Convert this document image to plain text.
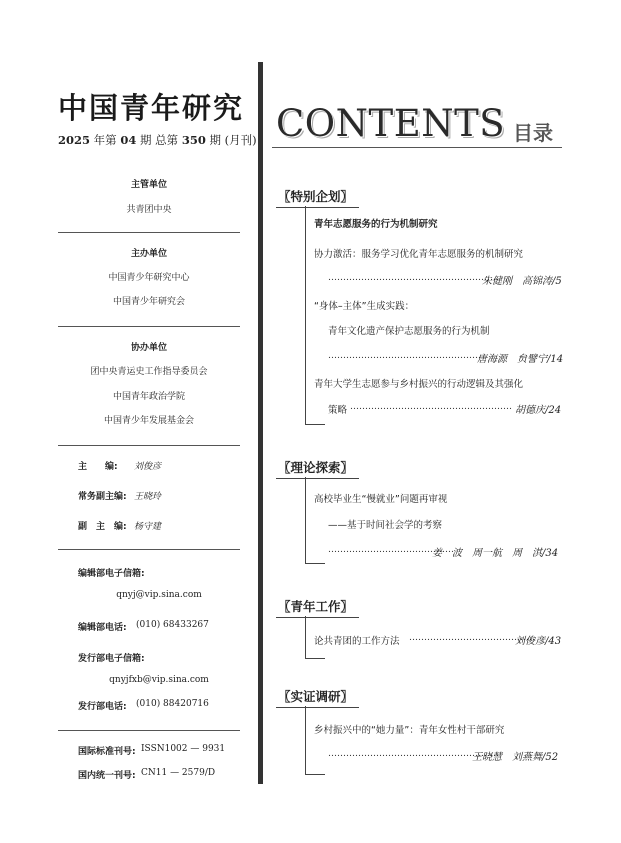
中国青年研究
2025 年第 04 期 总第 350 期 (月刊)
主管单位
共青团中央
主办单位
中国青少年研究中心
中国青少年研究会
协办单位
团中央青运史工作指导委员会
中国青年政治学院
中国青少年发展基金会
主　　编: 刘俊彦
常务副主编: 王晓玲
副　主　编: 杨守建
编辑部电子信箱:
qnyj@vip.sina.com
编辑部电话: (010) 68433267
发行部电子信箱:
qnyjfxb@vip.sina.com
发行部电话: (010) 88420716
国际标准刊号: ISSN1002 — 9931
国内统一刊号: CN11 — 2579/D
CONTENTS 目录
〖特别企划〗
青年志愿服务的行为机制研究
协力激活：服务学习优化青年志愿服务的机制研究
…………………………………………………
朱健刚　高锦涛/5
“身体–主体”生成实践：
青年文化遗产保护志愿服务的行为机制
……………………………………………
唐海源　贠譬宁/14
青年大学生志愿参与乡村振兴的行动逻辑及其强化
策略 ……………………………………………… 胡德庆/24
〖理论探索〗
高校毕业生“慢就业”问题再审视
——基于时间社会学的考察
……………………………………
姜　波　周一航　周　淇/34
〖青年工作〗
论共青团的工作方法 ……………………………………
刘俊彦/43
〖实证调研〗
乡村振兴中的“她力量”：青年女性村干部研究
…………………………………………………
王晓慧　刘燕舞/52
